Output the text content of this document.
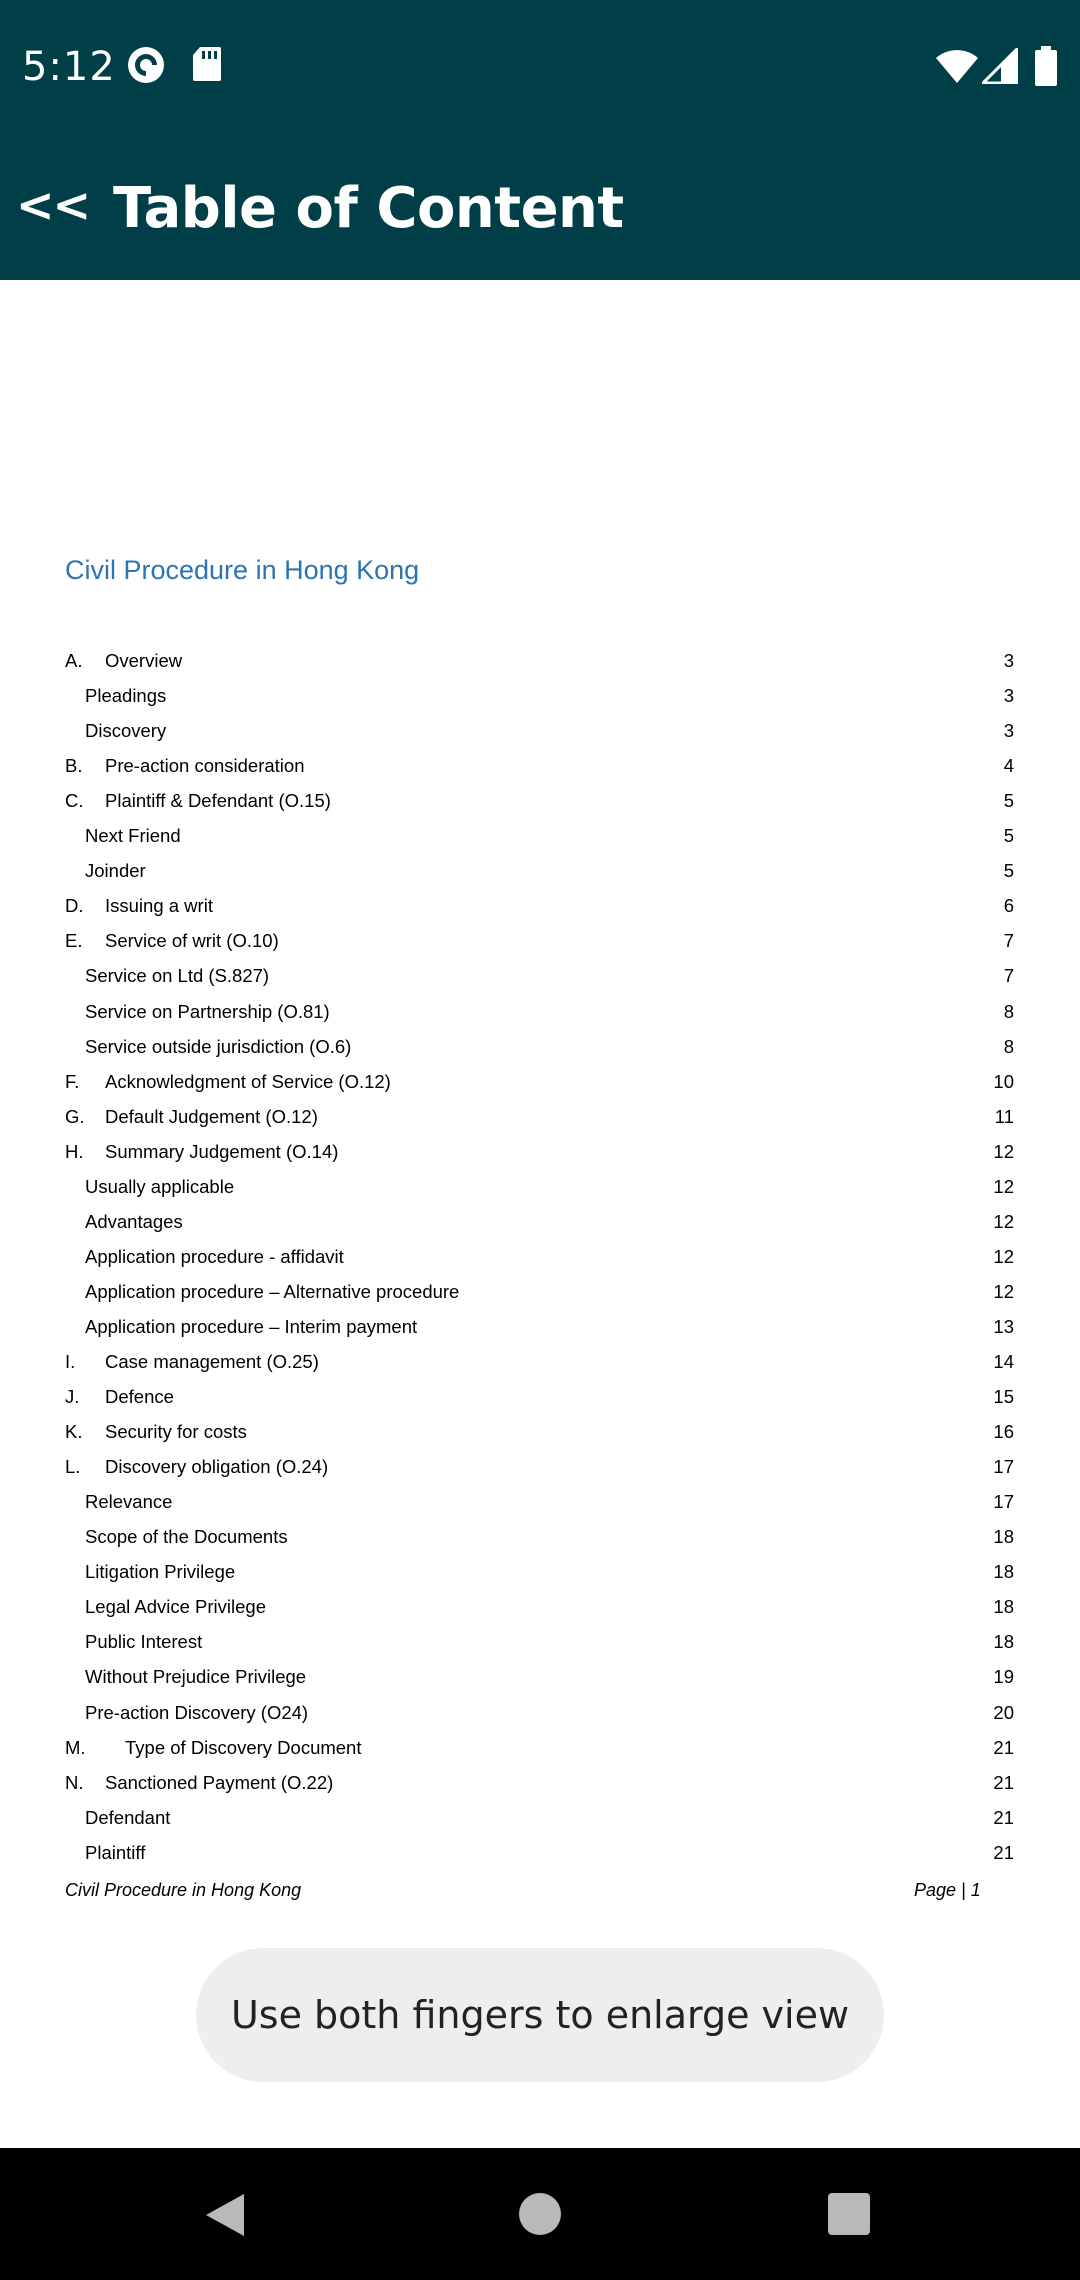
5:12
<< Table of Content
Civil Procedure in Hong Kong
A. Overview	3
Pleadings	3
Discovery	3
B. Pre-action consideration	4
C. Plaintiff & Defendant (O.15)	5
Next Friend	5
Joinder	5
D. Issuing a writ	6
E. Service of writ (O.10)	7
Service on Ltd (S.827)	7
Service on Partnership (O.81)	8
Service outside jurisdiction (O.6)	8
F. Acknowledgment of Service (O.12)	10
G. Default Judgement (O.12)	11
H. Summary Judgement (O.14)	12
Usually applicable	12
Advantages	12
Application procedure - affidavit	12
Application procedure – Alternative procedure	12
Application procedure – Interim payment	13
I. Case management (O.25)	14
J. Defence	15
K. Security for costs	16
L. Discovery obligation (O.24)	17
Relevance	17
Scope of the Documents	18
Litigation Privilege	18
Legal Advice Privilege	18
Public Interest	18
Without Prejudice Privilege	19
Pre-action Discovery (O24)	20
M. Type of Discovery Document	21
N. Sanctioned Payment (O.22)	21
Defendant	21
Plaintiff	21
Civil Procedure in Hong Kong	Page | 1
Use both fingers to enlarge view
